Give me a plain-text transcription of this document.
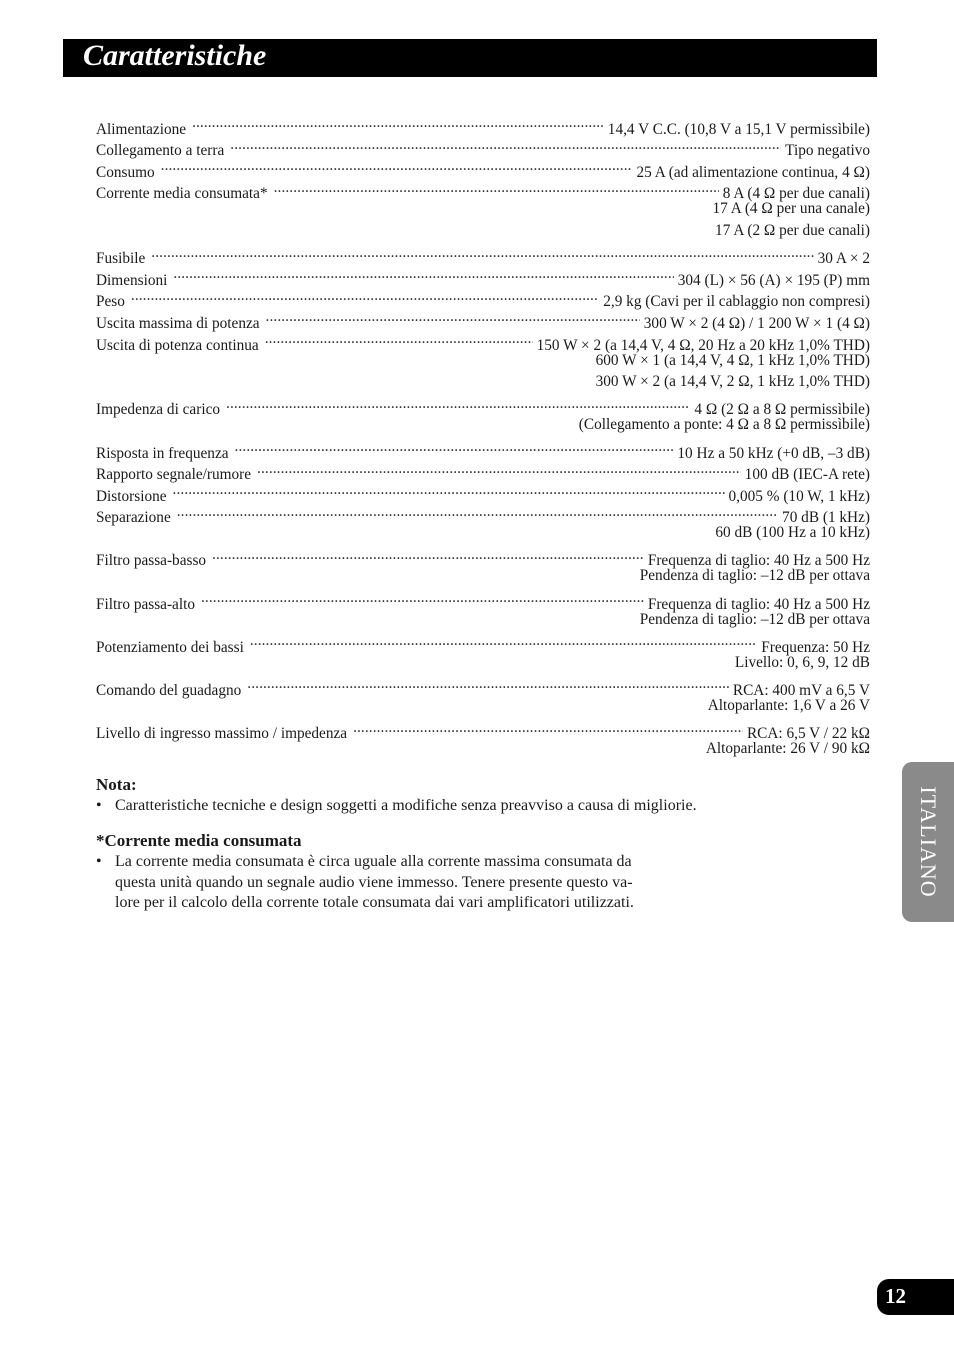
Caratteristiche
Alimentazione .....	14,4 V C.C. (10,8 V a 15,1 V permissìbile)
Collegamento a terra .....	Tipo negativo
Consumo .....	25 A (ad alimentazione continua, 4 Ω)
Corrente media consumata* .....	8 A (4 Ω per due canali)
17 A (4 Ω per una canale)
17 A (2 Ω per due canali)
Fusibile .....	30 A × 2
Dimensioni .....	304 (L) × 56 (A) × 195 (P) mm
Peso .....	2,9 kg (Cavi per il cablaggio non compresi)
Uscita massima di potenza .....	300 W × 2 (4 Ω) / 1 200 W × 1 (4 Ω)
Uscita di potenza continua .....	150 W × 2 (a 14,4 V, 4 Ω, 20 Hz a 20 kHz 1,0% THD)
600 W × 1 (a 14,4 V, 4 Ω, 1 kHz 1,0% THD)
300 W × 2 (a 14,4 V, 2 Ω, 1 kHz 1,0% THD)
Impedenza di carico .....	4 Ω (2 Ω a 8 Ω permissìbile)
(Collegamento a ponte: 4 Ω a 8 Ω permissìbile)
Risposta in frequenza .....	10 Hz a 50 kHz (+0 dB, –3 dB)
Rapporto segnale/rumore .....	100 dB (IEC-A rete)
Distorsione .....	0,005 % (10 W, 1 kHz)
Separazione .....	70 dB (1 kHz)
60 dB (100 Hz a 10 kHz)
Filtro passa-basso .....	Frequenza di taglio: 40 Hz a 500 Hz
Pendenza di taglio: –12 dB per ottava
Filtro passa-alto .....	Frequenza di taglio: 40 Hz a 500 Hz
Pendenza di taglio: –12 dB per ottava
Potenziamento dei bassi .....	Frequenza: 50 Hz
Livello: 0, 6, 9, 12 dB
Comando del guadagno .....	RCA: 400 mV a 6,5 V
Altoparlante: 1,6 V a 26 V
Livello di ingresso massimo / impedenza .....	RCA: 6,5 V / 22 kΩ
Altoparlante: 26 V / 90 kΩ

Nota:

• Caratteristiche tecniche e design soggetti a modifiche senza preavviso a causa di migliorie.

*Corrente media consumata

• La corrente media consumata è circa uguale alla corrente massima consumata da
questa unità quando un segnale audio viene immesso. Tenere presente questo va-
lore per il calcolo della corrente totale consumata dai vari amplificatori utilizzati.
ITALIANO
12
